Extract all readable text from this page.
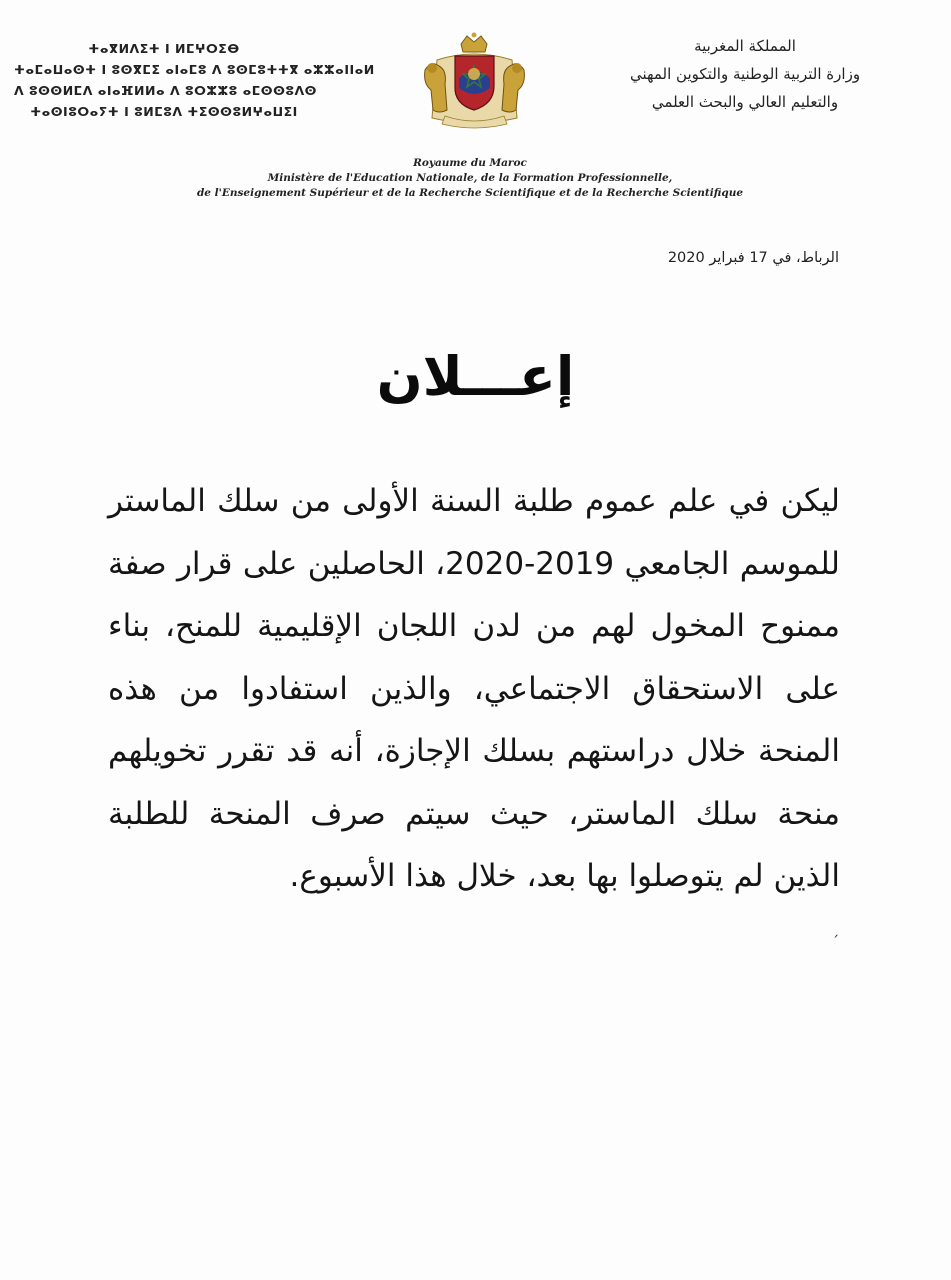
ⵜⴰⴳⵍⴷⵉⵜ ⵏ ⵍⵎⵖⵔⵉⴱ
ⵜⴰⵎⴰⵡⴰⵙⵜ ⵏ ⵓⵙⴳⵎⵉ ⴰⵏⴰⵎⵓ ⴷ ⵓⵙⵎⵓⵜⵜⴳ ⴰⵣⵣⴰⵏⵏⴰⵍ
ⴷ ⵓⵙⵙⵍⵎⴷ ⴰⵏⴰⴼⵍⵍⴰ ⴷ ⵓⵔⵣⵣⵓ ⴰⵎⵙⵙⵓⴷⵙ
ⵜⴰⵙⵏⵓⵔⴰⵢⵜ ⵏ ⵓⵍⵎⵓⴷ ⵜⵉⵙⵙⵓⵍⵖⴰⵡⵉⵏ
المملكة المغربية
وزارة التربية الوطنية والتكوين المهني
والتعليم العالي والبحث العلمي
Royaume du Maroc
Ministère de l'Education Nationale, de la Formation Professionnelle,
de l'Enseignement Supérieur et de la Recherche Scientifique et de la Recherche Scientifique
الرباط، في 17 فبراير 2020
إعـــلان
ليكن في علم عموم طلبة السنة الأولى من سلك الماستر للموسم الجامعي 2019-2020، الحاصلين على قرار صفة ممنوح المخول لهم من لدن اللجان الإقليمية للمنح، بناء على الاستحقاق الاجتماعي، والذين استفادوا من هذه المنحة خلال دراستهم بسلك الإجازة، أنه قد تقرر تخويلهم منحة سلك الماستر، حيث سيتم صرف المنحة للطلبة الذين لم يتوصلوا بها بعد، خلال هذا الأسبوع.
ˏ
